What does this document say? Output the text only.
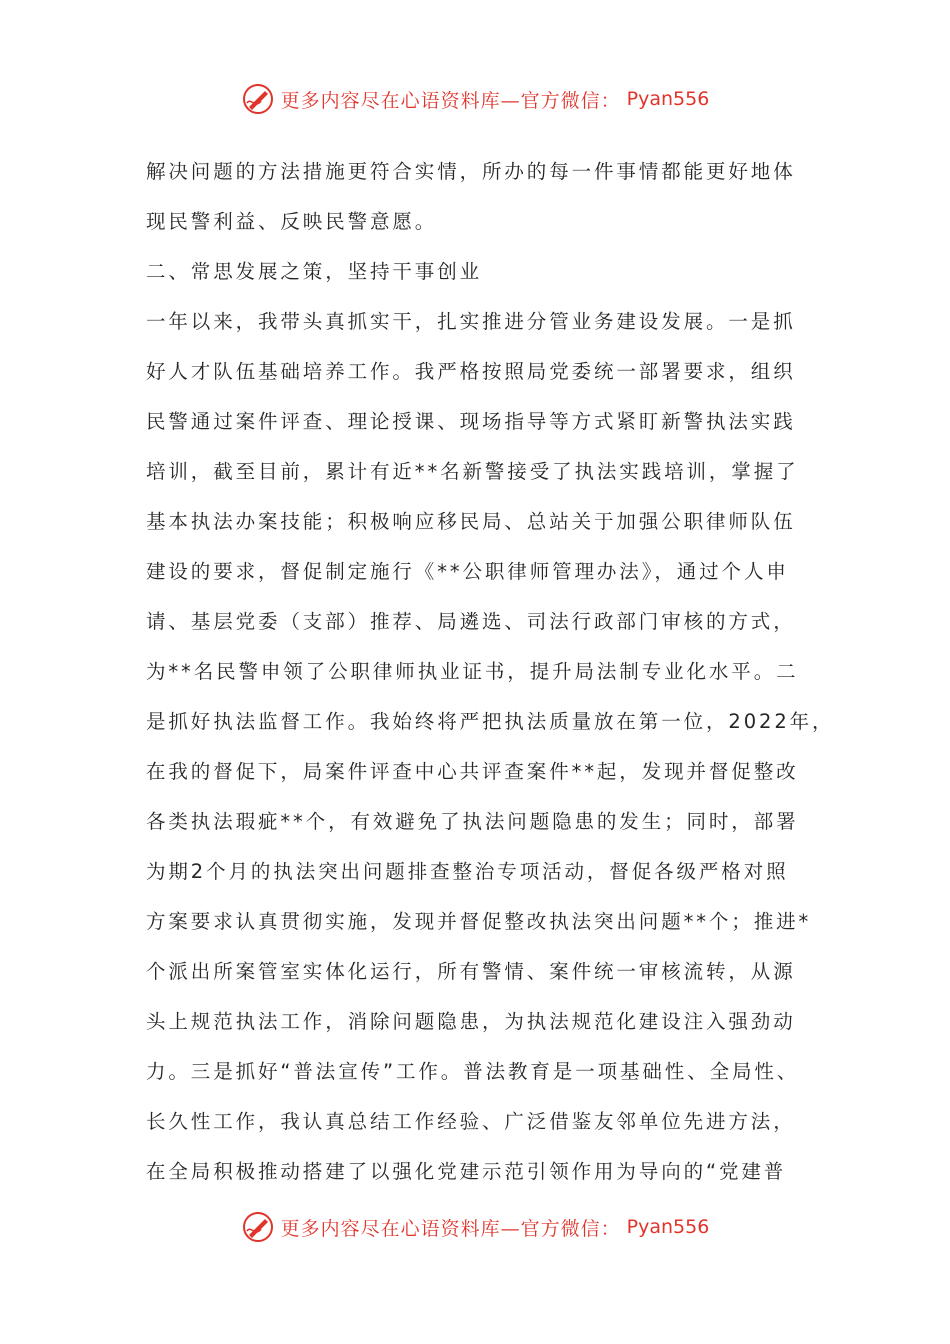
更多内容尽在心语资料库—官方微信： Pyan556
解决问题的方法措施更符合实情，所办的每一件事情都能更好地体
现民警利益、反映民警意愿。
二、常思发展之策，坚持干事创业
一年以来，我带头真抓实干，扎实推进分管业务建设发展。一是抓
好人才队伍基础培养工作。我严格按照局党委统一部署要求，组织
民警通过案件评查、理论授课、现场指导等方式紧盯新警执法实践
培训，截至目前，累计有近**名新警接受了执法实践培训，掌握了
基本执法办案技能；积极响应移民局、总站关于加强公职律师队伍
建设的要求，督促制定施行《**公职律师管理办法》，通过个人申
请、基层党委（支部）推荐、局遴选、司法行政部门审核的方式，
为**名民警申领了公职律师执业证书，提升局法制专业化水平。二
是抓好执法监督工作。我始终将严把执法质量放在第一位，2022年，
在我的督促下，局案件评查中心共评查案件**起，发现并督促整改
各类执法瑕疵**个，有效避免了执法问题隐患的发生；同时，部署
为期2个月的执法突出问题排查整治专项活动，督促各级严格对照
方案要求认真贯彻实施，发现并督促整改执法突出问题**个；推进*
个派出所案管室实体化运行，所有警情、案件统一审核流转，从源
头上规范执法工作，消除问题隐患，为执法规范化建设注入强劲动
力。三是抓好“普法宣传”工作。普法教育是一项基础性、全局性、
长久性工作，我认真总结工作经验、广泛借鉴友邻单位先进方法，
在全局积极推动搭建了以强化党建示范引领作用为导向的“党建普
更多内容尽在心语资料库—官方微信： Pyan556
